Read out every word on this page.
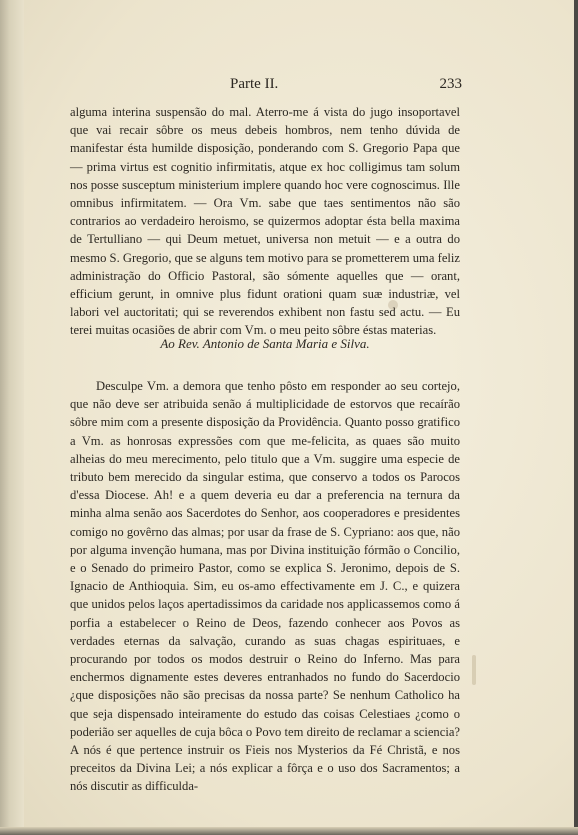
Parte II.	233
alguma interina suspensão do mal. Aterro-me á vista do jugo insoportavel que vai recair sôbre os meus debeis hombros, nem tenho dúvida de manifestar ésta humilde disposição, ponderando com S. Gregorio Papa que — prima virtus est cognitio infirmitatis, atque ex hoc colligimus tam solum nos posse susceptum ministerium implere quando hoc vere cognoscimus. Ille omnibus infirmitatem. — Ora Vm. sabe que taes sentimentos não são contrarios ao verdadeiro heroismo, se quizermos adoptar ésta bella maxima de Tertulliano — qui Deum metuet, universa non metuit — e a outra do mesmo S. Gregorio, que se alguns tem motivo para se prometterem uma feliz administração do Officio Pastoral, são sómente aquelles que — orant, efficium gerunt, in omnive plus fidunt orationi quam suæ industriæ, vel labori vel auctoritati; qui se reverendos exhibent non fastu sed actu. — Eu terei muitas ocasiões de abrir com Vm. o meu peito sôbre éstas materias.
Ao Rev. Antonio de Santa Maria e Silva.
Desculpe Vm. a demora que tenho pôsto em responder ao seu cortejo, que não deve ser atribuida senão á multiplicidade de estorvos que recaírão sôbre mim com a presente disposição da Providência. Quanto posso gratifico a Vm. as honrosas expressões com que me-felicita, as quaes são muito alheias do meu merecimento, pelo titulo que a Vm. suggire uma especie de tributo bem merecido da singular estima, que conservo a todos os Parocos d'essa Diocese. Ah! e a quem deveria eu dar a preferencia na ternura da minha alma senão aos Sacerdotes do Senhor, aos cooperadores e presidentes comigo no govêrno das almas; por usar da frase de S. Cypriano: aos que, não por alguma invenção humana, mas por Divina instituição fórmão o Concilio, e o Senado do primeiro Pastor, como se explica S. Jeronimo, depois de S. Ignacio de Anthioquia. Sim, eu os-amo effectivamente em J. C., e quizera que unidos pelos laços apertadissimos da caridade nos applicassemos como á porfia a estabelecer o Reino de Deos, fazendo conhecer aos Povos as verdades eternas da salvação, curando as suas chagas espirituaes, e procurando por todos os modos destruir o Reino do Inferno. Mas para enchermos dignamente estes deveres entranhados no fundo do Sacerdocio ¿que disposições não são precisas da nossa parte? Se nenhum Catholico ha que seja dispensado inteiramente do estudo das coisas Celestiaes ¿como o poderião ser aquelles de cuja bôca o Povo tem direito de reclamar a sciencia? A nós é que pertence instruir os Fieis nos Mysterios da Fé Christã, e nos preceitos da Divina Lei; a nós explicar a fôrça e o uso dos Sacramentos; a nós discutir as difficulda-
